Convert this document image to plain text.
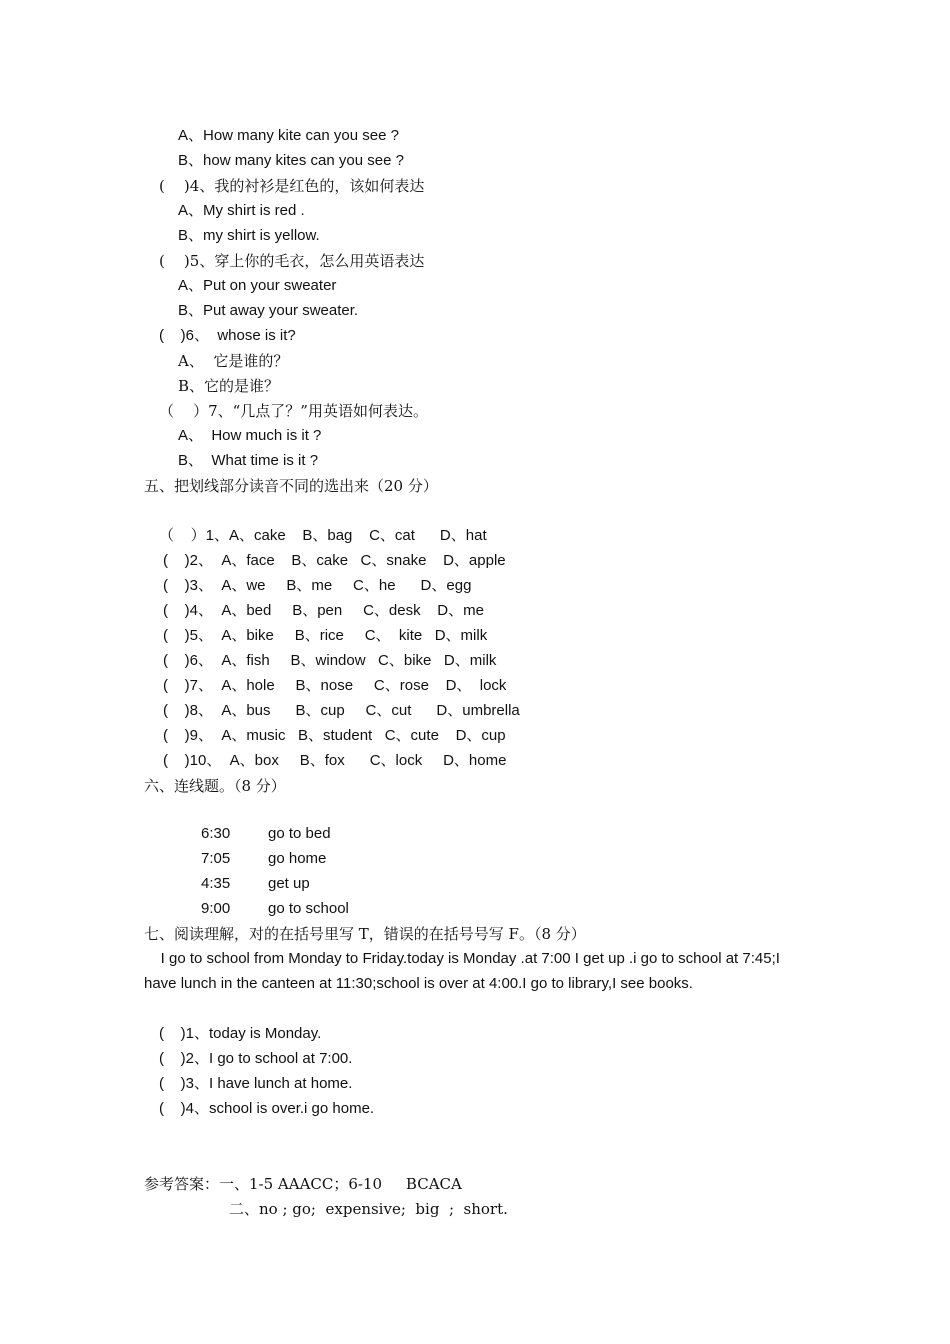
A、How many kite can you see ?
B、how many kites can you see ?
(    )4、我的衬衫是红色的，该如何表达
A、My shirt is red .
B、my shirt is yellow.
(    )5、穿上你的毛衣，怎么用英语表达
A、Put on your sweater
B、Put away your sweater.
(    )6、  whose is it?
A、  它是谁的？
B、它的是谁？
（    ）7、“几点了？”用英语如何表达。
A、  How much is it ?
B、  What time is it ?
五、把划线部分读音不同的选出来（20 分）
（    ）1、A、cake    B、bag    C、cat      D、hat
(    )2、  A、face    B、cake   C、snake    D、apple
(    )3、  A、we     B、me     C、he      D、egg
(    )4、  A、bed     B、pen     C、desk    D、me
(    )5、  A、bike     B、rice     C、  kite   D、milk
(    )6、  A、fish     B、window   C、bike   D、milk
(    )7、  A、hole     B、nose     C、rose    D、  lock
(    )8、  A、bus      B、cup     C、cut      D、umbrella
(    )9、  A、music   B、student   C、cute    D、cup
(    )10、  A、box     B、fox      C、lock     D、home
六、连线题。（8 分）
6:30	go to bed
7:05	go home
4:35	get up
9:00	go to school
七、阅读理解，对的在括号里写 T，错误的在括号号写 F。（8 分）
I go to school from Monday to Friday.today is Monday .at 7:00 I get up .i go to school at 7:45;I
have lunch in the canteen at 11:30;school is over at 4:00.I go to library,I see books.
(    )1、today is Monday.
(    )2、I go to school at 7:00.
(    )3、I have lunch at home.
(    )4、school is over.i go home.
参考答案：一、1-5 AAACC；6-10     BCACA
二、no ; go;  expensive;  big  ;  short.
